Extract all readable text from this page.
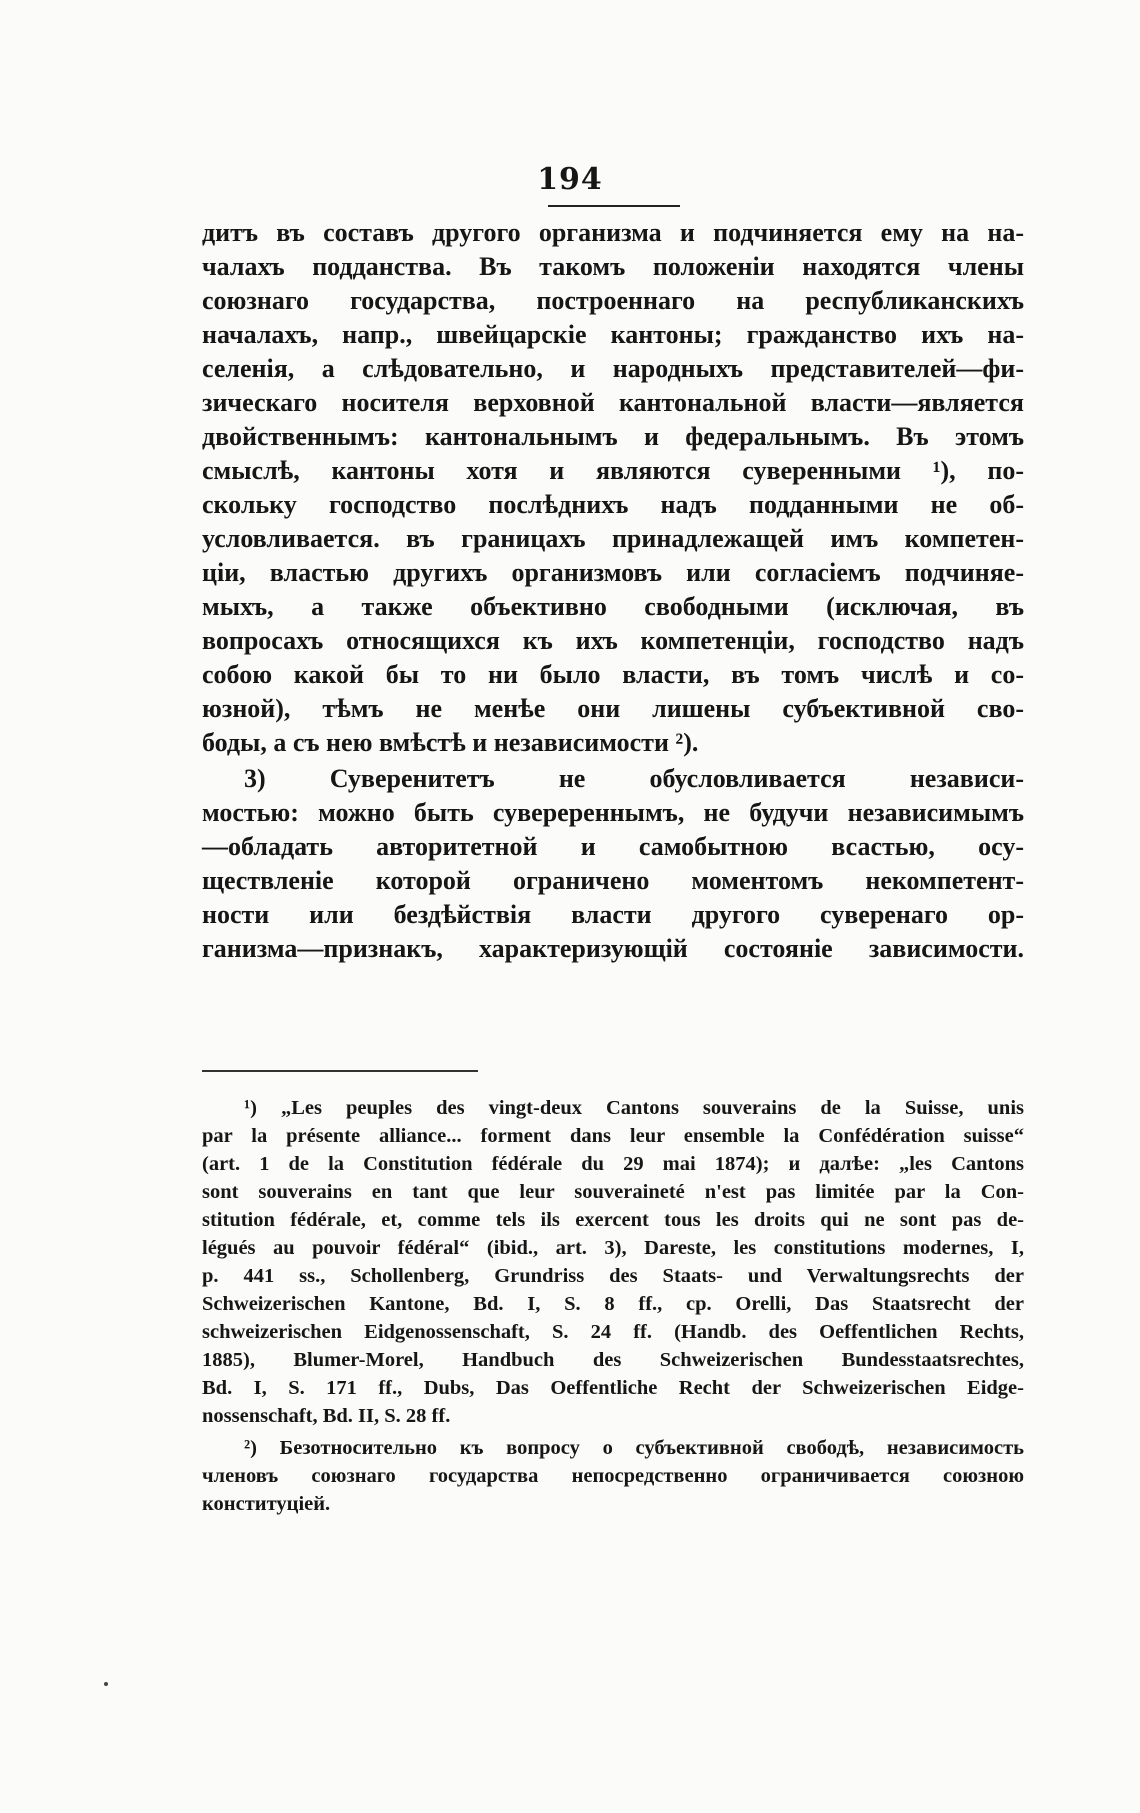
194
дитъ въ составъ другого организма и подчиняется ему на на-
чалахъ подданства. Въ такомъ положенiи находятся члены
союзнаго государства, построеннаго на республиканскихъ
началахъ, напр., швейцарскiе кантоны; гражданство ихъ на-
селенiя, а слѣдовательно, и народныхъ представителей—фи-
зическаго носителя верховной кантональной власти—является
двойственнымъ: кантональнымъ и федеральнымъ. Въ этомъ
смыслѣ, кантоны хотя и являются суверенными ¹), по-
скольку господство послѣднихъ надъ подданными не об-
условливается. въ границахъ принадлежащей имъ компетен-
цiи, властью другихъ организмовъ или согласiемъ подчиняе-
мыхъ, а также объективно свободными (исключая, въ
вопросахъ относящихся къ ихъ компетенцiи, господство надъ
собою какой бы то ни было власти, въ томъ числѣ и со-
юзной), тѣмъ не менѣе они лишены субъективной сво-
боды, а съ нею вмѣстѣ и независимости ²).
3) Суверенитетъ не обусловливается независи-
мостью: можно быть суверереннымъ, не будучи независимымъ
—обладать авторитетной и самобытною всастью, осу-
ществленiе которой ограничено моментомъ некомпетент-
ности или бездѣйствiя власти другого суверенаго ор-
ганизма—признакъ, характеризующiй состоянiе зависимости.
¹) „Les peuples des vingt-deux Cantons souverains de la Suisse, unis
par la présente alliance... forment dans leur ensemble la Confédération suisse“
(art. 1 de la Constitution fédérale du 29 mai 1874); и далѣе: „les Cantons
sont souverains en tant que leur souveraineté n'est pas limitée par la Con-
stitution fédérale, et, comme tels ils exercent tous les droits qui ne sont pas de-
légués au pouvoir fédéral“ (ibid., art. 3), Dareste, les constitutions modernes, I,
p. 441 ss., Schollenberg, Grundriss des Staats- und Verwaltungsrechts der
Schweizerischen Kantone, Bd. I, S. 8 ff., cp. Orelli, Das Staatsrecht der
schweizerischen Eidgenossenschaft, S. 24 ff. (Handb. des Oeffentlichen Rechts,
1885), Blumer-Morel, Handbuch des Schweizerischen Bundesstaatsrechtes,
Bd. I, S. 171 ff., Dubs, Das Oeffentliche Recht der Schweizerischen Eidge-
nossenschaft, Bd. II, S. 28 ff.
²) Безотносительно къ вопросу о субъективной свободѣ, независимость
членовъ союзнаго государства непосредственно ограничивается союзною
конституцiей.
